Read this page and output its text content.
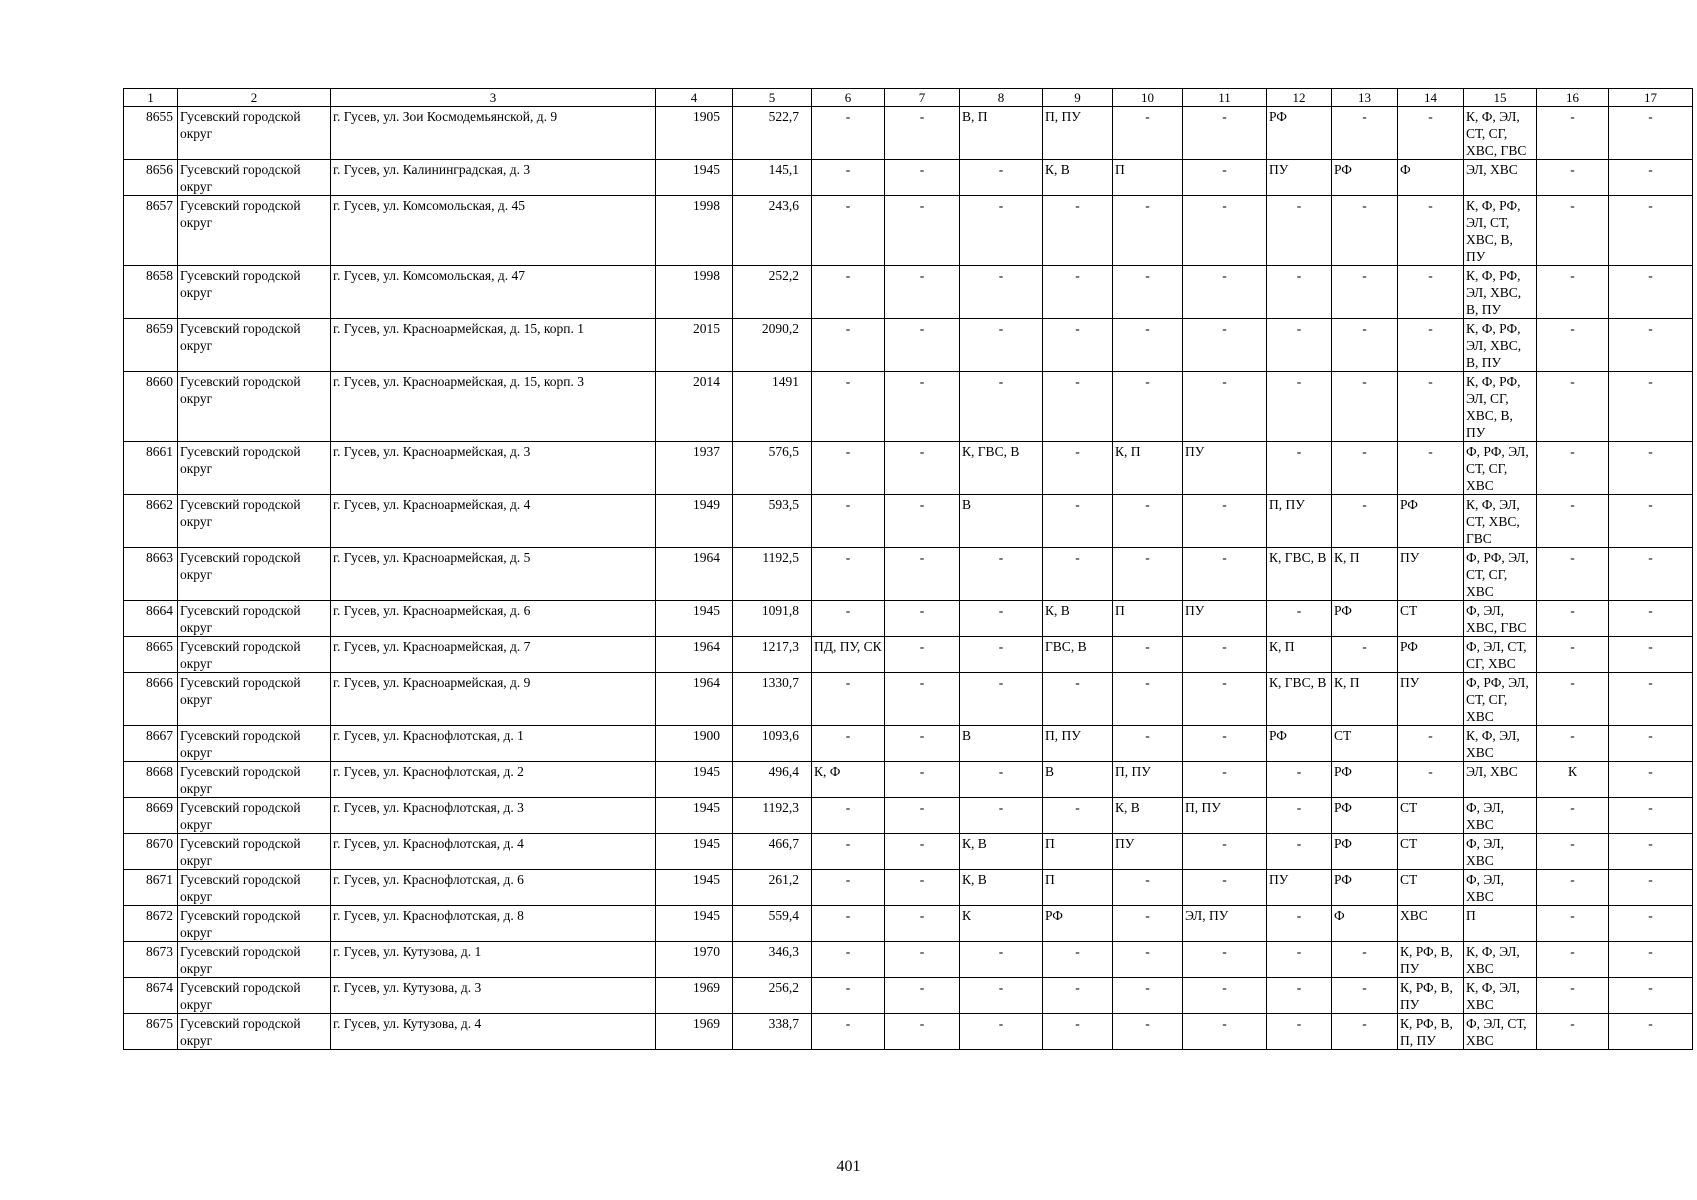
1	2	3	4	5	6	7	8	9	10	11	12	13	14	15	16	17
8655	Гусевский городской округ	г. Гусев, ул. Зои Космодемьянской, д. 9	1905	522,7	-	-	В, П	П, ПУ	-	-	РФ	-	-	К, Ф, ЭЛ, СТ, СГ, ХВС, ГВС	-	-
8656	Гусевский городской округ	г. Гусев, ул. Калининградская, д. 3	1945	145,1	-	-	-	К, В	П	-	ПУ	РФ	Ф	ЭЛ, ХВС	-	-
8657	Гусевский городской округ	г. Гусев, ул. Комсомольская, д. 45	1998	243,6	-	-	-	-	-	-	-	-	-	К, Ф, РФ, ЭЛ, СТ, ХВС, В, ПУ	-	-
8658	Гусевский городской округ	г. Гусев, ул. Комсомольская, д. 47	1998	252,2	-	-	-	-	-	-	-	-	-	К, Ф, РФ, ЭЛ, ХВС, В, ПУ	-	-
8659	Гусевский городской округ	г. Гусев, ул. Красноармейская, д. 15, корп. 1	2015	2090,2	-	-	-	-	-	-	-	-	-	К, Ф, РФ, ЭЛ, ХВС, В, ПУ	-	-
8660	Гусевский городской округ	г. Гусев, ул. Красноармейская, д. 15, корп. 3	2014	1491	-	-	-	-	-	-	-	-	-	К, Ф, РФ, ЭЛ, СГ, ХВС, В, ПУ	-	-
8661	Гусевский городской округ	г. Гусев, ул. Красноармейская, д. 3	1937	576,5	-	-	К, ГВС, В	-	К, П	ПУ	-	-	-	Ф, РФ, ЭЛ, СТ, СГ, ХВС	-	-
8662	Гусевский городской округ	г. Гусев, ул. Красноармейская, д. 4	1949	593,5	-	-	В	-	-	-	П, ПУ	-	РФ	К, Ф, ЭЛ, СТ, ХВС, ГВС	-	-
8663	Гусевский городской округ	г. Гусев, ул. Красноармейская, д. 5	1964	1192,5	-	-	-	-	-	-	К, ГВС, В	К, П	ПУ	Ф, РФ, ЭЛ, СТ, СГ, ХВС	-	-
8664	Гусевский городской округ	г. Гусев, ул. Красноармейская, д. 6	1945	1091,8	-	-	-	К, В	П	ПУ	-	РФ	СТ	Ф, ЭЛ, ХВС, ГВС	-	-
8665	Гусевский городской округ	г. Гусев, ул. Красноармейская, д. 7	1964	1217,3	ПД, ПУ, СК	-	-	ГВС, В	-	-	К, П	-	РФ	Ф, ЭЛ, СТ, СГ, ХВС	-	-
8666	Гусевский городской округ	г. Гусев, ул. Красноармейская, д. 9	1964	1330,7	-	-	-	-	-	-	К, ГВС, В	К, П	ПУ	Ф, РФ, ЭЛ, СТ, СГ, ХВС	-	-
8667	Гусевский городской округ	г. Гусев, ул. Краснофлотская, д. 1	1900	1093,6	-	-	В	П, ПУ	-	-	РФ	СТ	-	К, Ф, ЭЛ, ХВС	-	-
8668	Гусевский городской округ	г. Гусев, ул. Краснофлотская, д. 2	1945	496,4	К, Ф	-	-	В	П, ПУ	-	-	РФ	-	ЭЛ, ХВС	К	-
8669	Гусевский городской округ	г. Гусев, ул. Краснофлотская, д. 3	1945	1192,3	-	-	-	-	К, В	П, ПУ	-	РФ	СТ	Ф, ЭЛ, ХВС	-	-
8670	Гусевский городской округ	г. Гусев, ул. Краснофлотская, д. 4	1945	466,7	-	-	К, В	П	ПУ	-	-	РФ	СТ	Ф, ЭЛ, ХВС	-	-
8671	Гусевский городской округ	г. Гусев, ул. Краснофлотская, д. 6	1945	261,2	-	-	К, В	П	-	-	ПУ	РФ	СТ	Ф, ЭЛ, ХВС	-	-
8672	Гусевский городской округ	г. Гусев, ул. Краснофлотская, д. 8	1945	559,4	-	-	К	РФ	-	ЭЛ, ПУ	-	Ф	ХВС	П	-	-
8673	Гусевский городской округ	г. Гусев, ул. Кутузова, д. 1	1970	346,3	-	-	-	-	-	-	-	-	К, РФ, В, ПУ	К, Ф, ЭЛ, ХВС	-	-
8674	Гусевский городской округ	г. Гусев, ул. Кутузова, д. 3	1969	256,2	-	-	-	-	-	-	-	-	К, РФ, В, ПУ	К, Ф, ЭЛ, ХВС	-	-
8675	Гусевский городской округ	г. Гусев, ул. Кутузова, д. 4	1969	338,7	-	-	-	-	-	-	-	-	К, РФ, В, П, ПУ	Ф, ЭЛ, СТ, ХВС	-	-
401
